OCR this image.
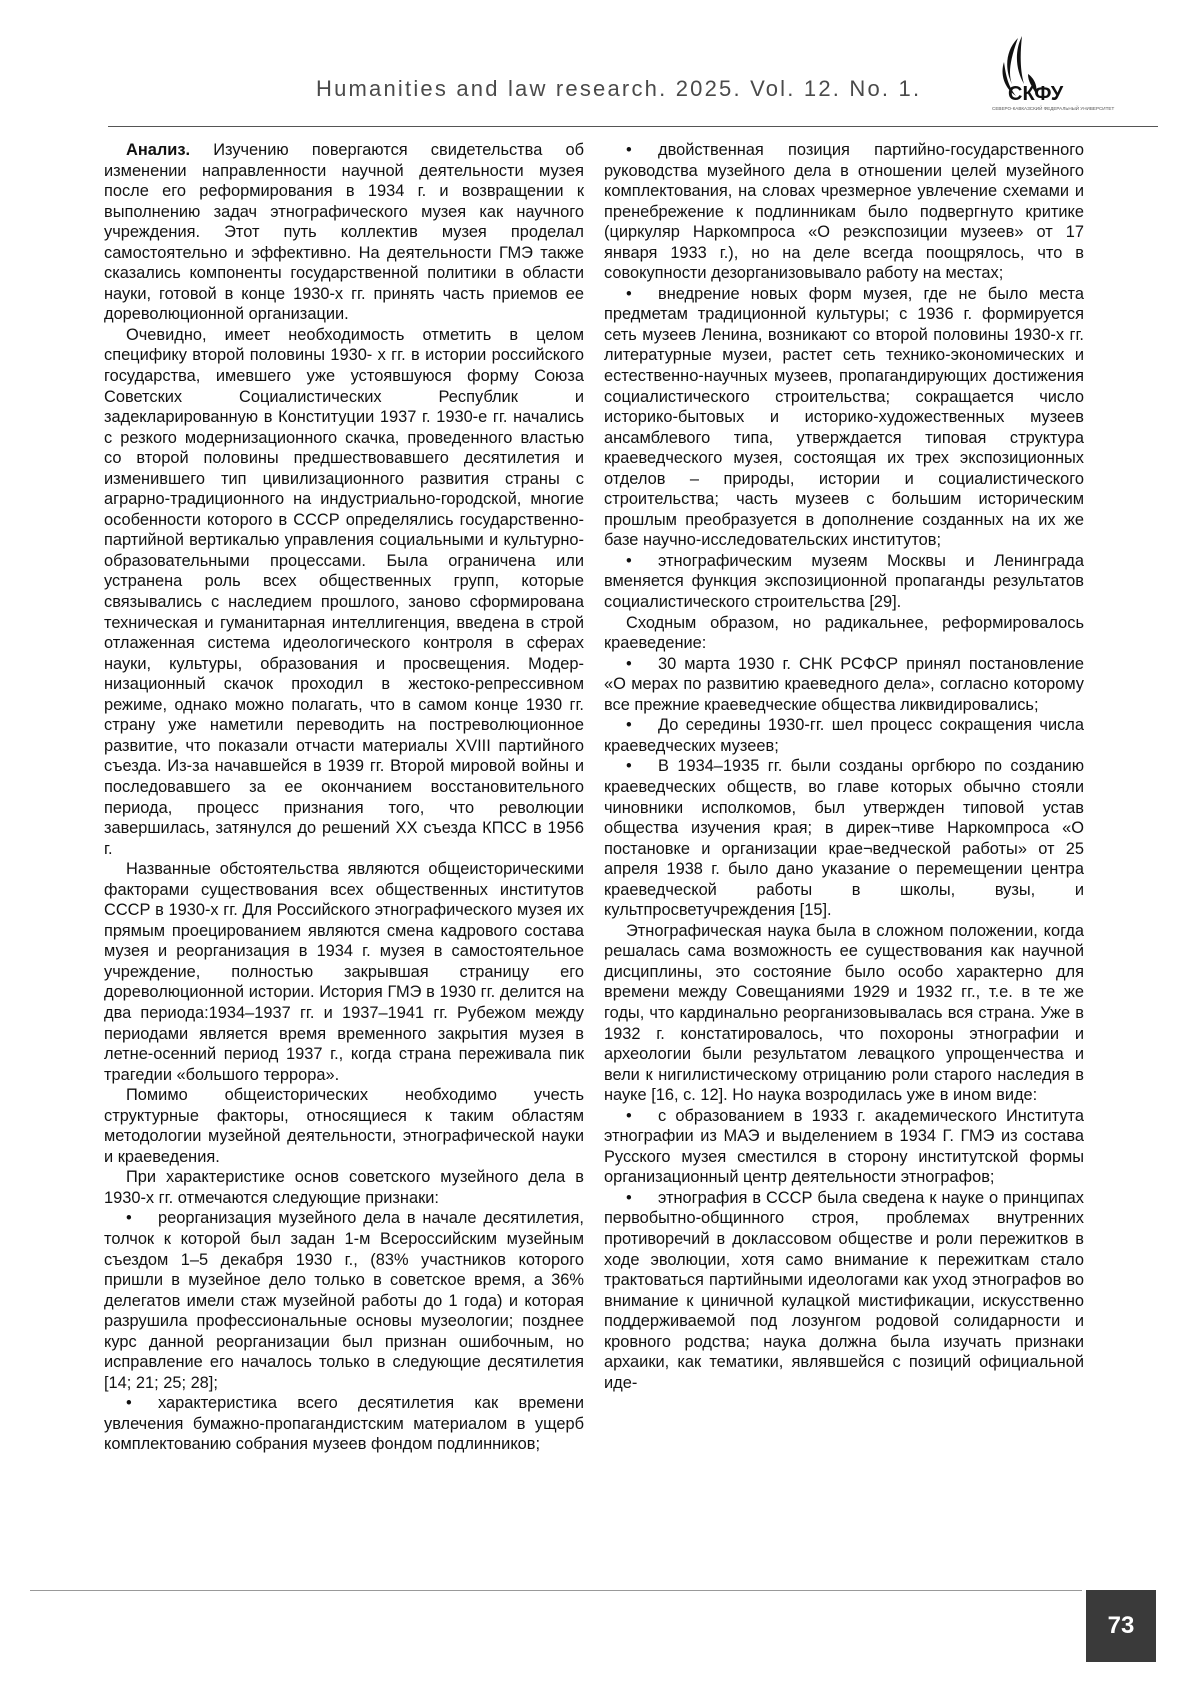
Humanities and law research. 2025. Vol. 12. No. 1.	СКФУ
СЕВЕРО-КАВКАЗСКИЙ ФЕДЕРАЛЬНЫЙ УНИВЕРСИТЕТ

Анализ. Изучению повергаются свидетельства об изменении направленности научной деятельности му­зея после его реформирования в 1934 г. и возвращении к выполнению задач этнографического музея как науч­ного учреждения. Этот путь коллектив музея проделал самостоятельно и эффективно. На деятельности ГМЭ также сказались компоненты государственной политики в области науки, готовой в конце 1930-х гг. принять часть приемов ее дореволюционной организации.

Очевидно, имеет необходимость отметить в це­лом специфику второй половины 1930- х гг. в истории российского государства, имевшего уже устоявшуюся форму Союза Советских Социалистических Республик и задекларированную в Конституции 1937 г. 1930-е гг. начались с резкого модернизационного скачка, прове­денного властью со второй половины предшествовав­шего десятилетия и изменившего тип цивилизационного развития страны с аграрно-традиционного на индустри­ально-городской, многие особенности которого в СССР определялись государственно-партийной вертикалью управления социальными и культурно-образовательны­ми процессами. Была ограничена или устранена роль всех общественных групп, которые связывались с на­следием прошлого, заново сформирована техническая и гуманитарная интеллигенция, введена в строй отла­женная система идеологического контроля в сферах науки, культуры, образования и просвещения. Модер­низационный скачок проходил в жестоко-репрессивном режиме, однако можно полагать, что в самом конце 1930 гг. страну уже наметили переводить на постреволюци­онное развитие, что показали отчасти материалы XVIII партийного съезда. Из-за начавшейся в 1939 гг. Второй мировой войны и последовавшего за ее окончанием восстановительного периода, процесс признания того, что революции завершилась, затянулся до решений XX съезда КПСС в 1956 г.

Названные обстоятельства являются общеисториче­скими факторами существования всех общественных институтов СССР в 1930-х гг. Для Российского этногра­фического музея их прямым проецированием являются смена кадрового состава музея и реорганизация в 1934 г. музея в самостоятельное учреждение, полностью за­крывшая страницу его дореволюционной истории. Исто­рия ГМЭ в 1930 гг. делится на два периода:1934–1937 гг. и 1937–1941 гг. Рубежом между периодами являет­ся время временного закрытия музея в летне-осенний период 1937 г., когда страна переживала пик трагедии «большого террора».

Помимо общеисторических необходимо учесть структурные факторы, относящиеся к таким областям методологии музейной деятельности, этнографической науки и краеведения.

При характеристике основ советского музейного дела в 1930-х гг. отмечаются следующие признаки:

• реорганизация музейного дела в начале деся­тилетия, толчок к которой был задан 1-м Всероссийским музейным съездом 1–5 декабря 1930 г., (83% участников которого пришли в музейное дело только в советское время, а 36% делегатов имели стаж музейной работы до 1 года) и которая разрушила профессиональные ос­новы музеологии; позднее курс данной реорганизации был признан ошибочным, но исправление его началось только в следующие десятилетия [14; 21; 25; 28];

• характеристика всего десятилетия как време­ни увлечения бумажно-пропагандистским материалом в ущерб комплектованию собрания музеев фондом под­линников;

• двойственная позиция партийно-государствен­ного руководства музейного дела в отношении целей музейного комплектования, на словах чрезмерное увле­чение схемами и пренебрежение к подлинникам было подвергнуто критике (циркуляр Наркомпроса «О реэкс­позиции музеев» от 17 января 1933 г.), но на деле всег­да поощрялось, что в совокупности дезорганизовывало работу на местах;

• внедрение новых форм музея, где не было ме­ста предметам традиционной культуры; с 1936 г. фор­мируется сеть музеев Ленина, возникают со второй половины 1930-х гг. литературные музеи, растет сеть технико-экономических и естественно-научных музе­ев, пропагандирующих достижения социалистического строительства; сокращается число историко-бытовых и историко-художественных музеев ансамблевого типа, утверждается типовая структура краеведческого музея, состоящая их трех экспозиционных отделов – природы, истории и социалистического строительства; часть му­зеев с большим историческим прошлым преобразуется в дополнение созданных на их же базе научно-исследо­вательских институтов;

• этнографическим музеям Москвы и Ленингра­да вменяется функция экспозиционной пропаганды ре­зультатов социалистического строительства [29].

Сходным образом, но радикальнее, реформирова­лось краеведение:

• 30 марта 1930 г. СНК РСФСР принял поста­новление «О мерах по развитию краеведного дела», со­гласно которому все прежние краеведческие общества ликвидировались;

• До середины 1930-гг. шел процесс сокращения числа краеведческих музеев;

• В 1934–1935 гг. были созданы оргбюро по соз­данию краеведческих обществ, во главе которых обыч­но стояли чиновники исполкомов, был утвержден ти­повой устав общества изучения края; в дирек¬тиве Наркомпроса «О постановке и организации крае¬ведче­ской работы» от 25 апреля 1938 г. было дано указание о перемещении центра краеведческой работы в школы, вузы, и культпросветучреждения [15].

Этнографическая наука была в сложном положении, когда решалась сама возможность ее существования как научной дисциплины, это состояние было особо характерно для времени между Совещаниями 1929 и 1932 гг., т.е. в те же годы, что кардинально реоргани­зовывалась вся страна. Уже в 1932 г. констатировалось, что похороны этнографии и археологии были результа­том левацкого упрощенчества и вели к нигилистическо­му отрицанию роли старого наследия в науке [16, с. 12]. Но наука возродилась уже в ином виде:

• с образованием в 1933 г. академического Ин­ститута этнографии из МАЭ и выделением в 1934 Г. ГМЭ из состава Русского музея сместился в сторону институтской формы организационный центр деятель­ности этнографов;

• этнография в СССР была сведена к науке о принципах первобытно-общинного строя, проблемах внутренних противоречий в доклассовом обществе и роли пережитков в ходе эволюции, хотя само внима­ние к пережиткам стало трактоваться партийными иде­ологами как уход этнографов во внимание к циничной кулацкой мистификации, искусственно поддерживае­мой под лозунгом родовой солидарности и кровного родства; наука должна была изучать признаки архаики, как тематики, являвшейся с позиций официальной иде­-

73
